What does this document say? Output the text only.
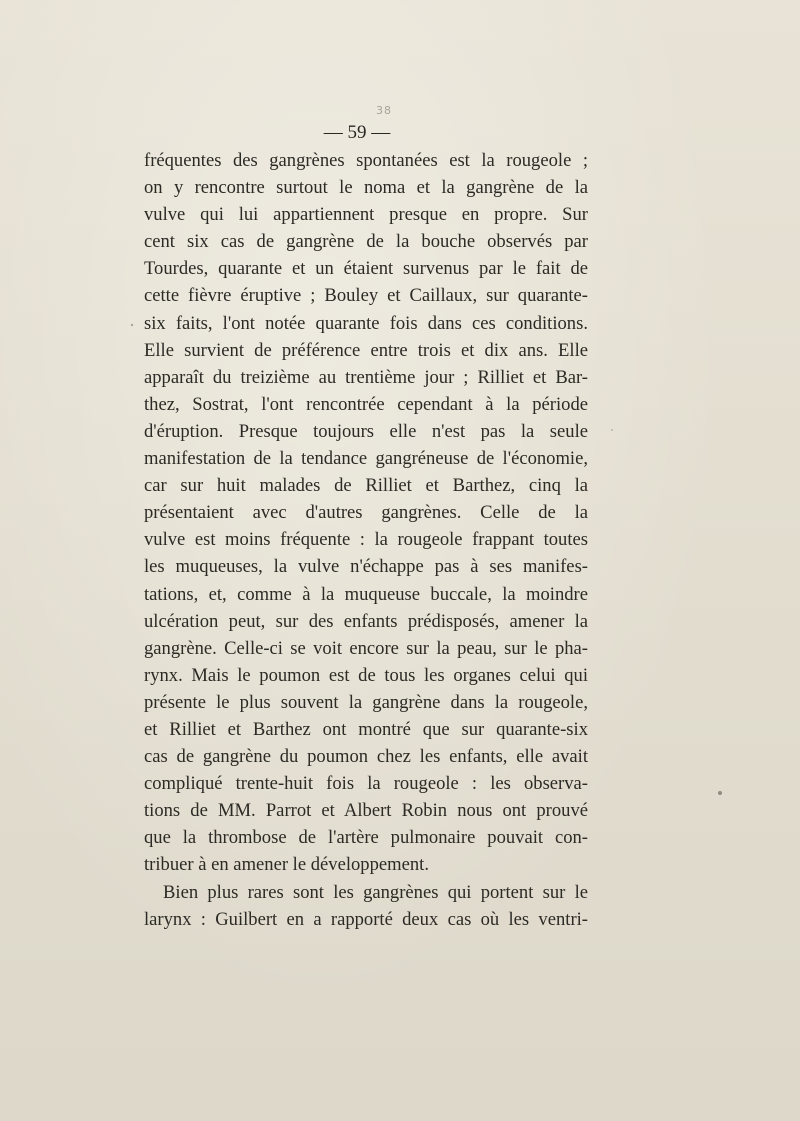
38
— 59 —
fréquentes des gangrènes spontanées est la rougeole ;
on y rencontre surtout le noma et la gangrène de la
vulve qui lui appartiennent presque en propre. Sur
cent six cas de gangrène de la bouche observés par
Tourdes, quarante et un étaient survenus par le fait de
cette fièvre éruptive ; Bouley et Caillaux, sur quarante-
six faits, l'ont notée quarante fois dans ces conditions.
Elle survient de préférence entre trois et dix ans. Elle
apparaît du treizième au trentième jour ; Rilliet et Bar-
thez, Sostrat, l'ont rencontrée cependant à la période
d'éruption. Presque toujours elle n'est pas la seule
manifestation de la tendance gangréneuse de l'économie,
car sur huit malades de Rilliet et Barthez, cinq la
présentaient avec d'autres gangrènes. Celle de la
vulve est moins fréquente : la rougeole frappant toutes
les muqueuses, la vulve n'échappe pas à ses manifes-
tations, et, comme à la muqueuse buccale, la moindre
ulcération peut, sur des enfants prédisposés, amener la
gangrène. Celle-ci se voit encore sur la peau, sur le pha-
rynx. Mais le poumon est de tous les organes celui qui
présente le plus souvent la gangrène dans la rougeole,
et Rilliet et Barthez ont montré que sur quarante-six
cas de gangrène du poumon chez les enfants, elle avait
compliqué trente-huit fois la rougeole : les observa-
tions de MM. Parrot et Albert Robin nous ont prouvé
que la thrombose de l'artère pulmonaire pouvait con-
tribuer à en amener le développement.
Bien plus rares sont les gangrènes qui portent sur le
larynx : Guilbert en a rapporté deux cas où les ventri-
